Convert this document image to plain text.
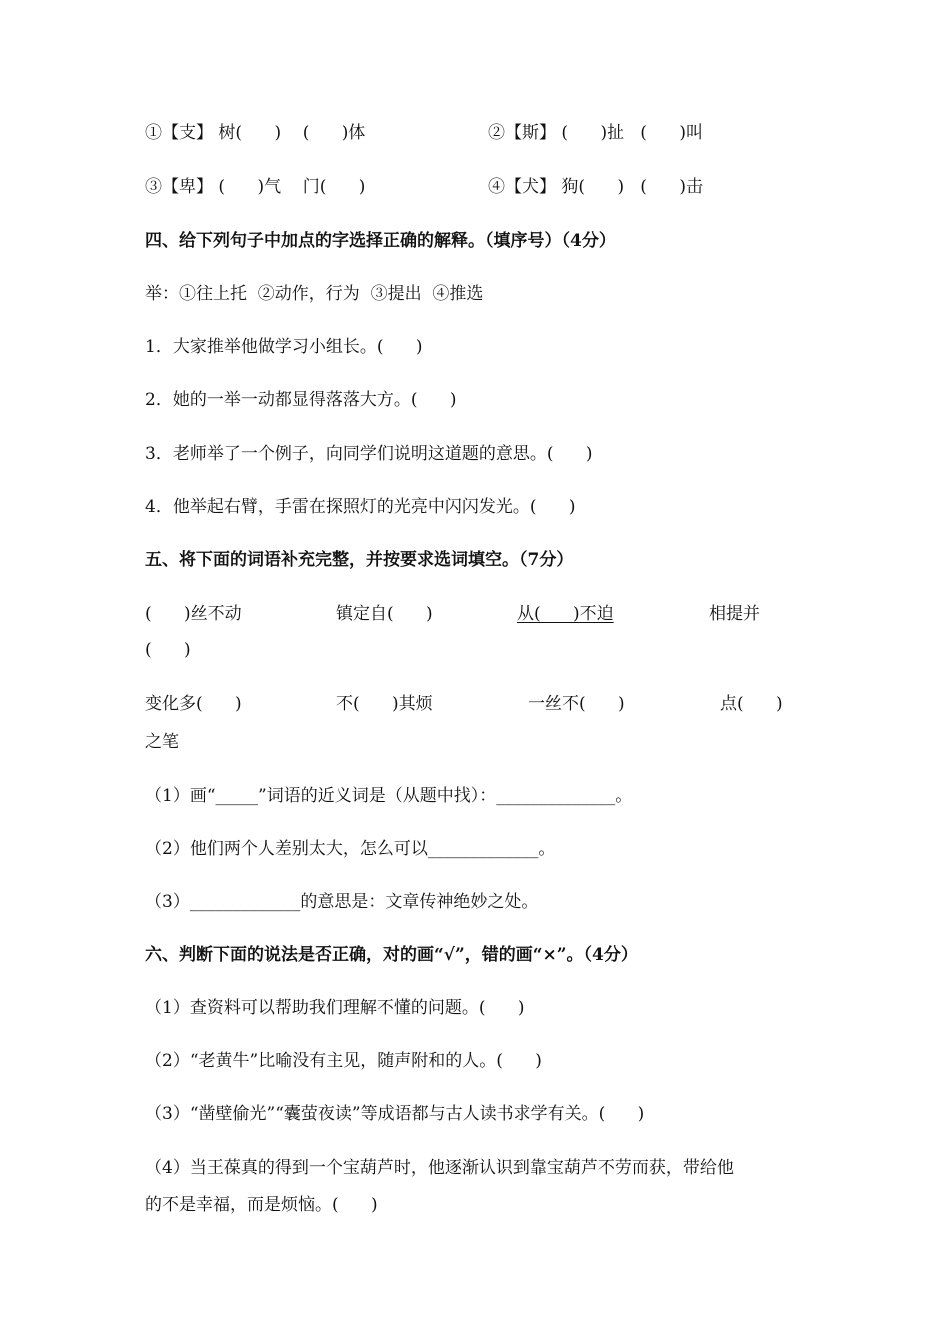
①【支】 树(      )    (      )体	②【斯】 (      )扯   (      )叫
③【卑】 (      )气    门(      )	④【犬】 狗(      )   (      )击
四、给下列句子中加点的字选择正确的解释。（填序号）（4分）
举：①往上托  ②动作，行为  ③提出  ④推选
1．大家推举他做学习小组长。(      )
2．她的一举一动都显得落落大方。(      )
3．老师举了一个例子，向同学们说明这道题的意思。(      )
4．他举起右臂，手雷在探照灯的光亮中闪闪发光。(      )
五、将下面的词语补充完整，并按要求选词填空。（7分）
(      )丝不动	镇定自(      )	从(      )不迫	相提并
(      )
变化多(      )	不(      )其烦	一丝不(      )	点(      )
之笔
（1）画“_____”词语的近义词是（从题中找）：______________。
（2）他们两个人差别太大，怎么可以_____________。
（3）_____________的意思是：文章传神绝妙之处。
六、判断下面的说法是否正确，对的画“√”，错的画“×”。（4分）
（1）查资料可以帮助我们理解不懂的问题。(      )
（2）“老黄牛”比喻没有主见，随声附和的人。(      )
（3）“凿壁偷光”“囊萤夜读”等成语都与古人读书求学有关。(      )
（4）当王葆真的得到一个宝葫芦时，他逐渐认识到靠宝葫芦不劳而获，带给他
的不是幸福，而是烦恼。(      )
